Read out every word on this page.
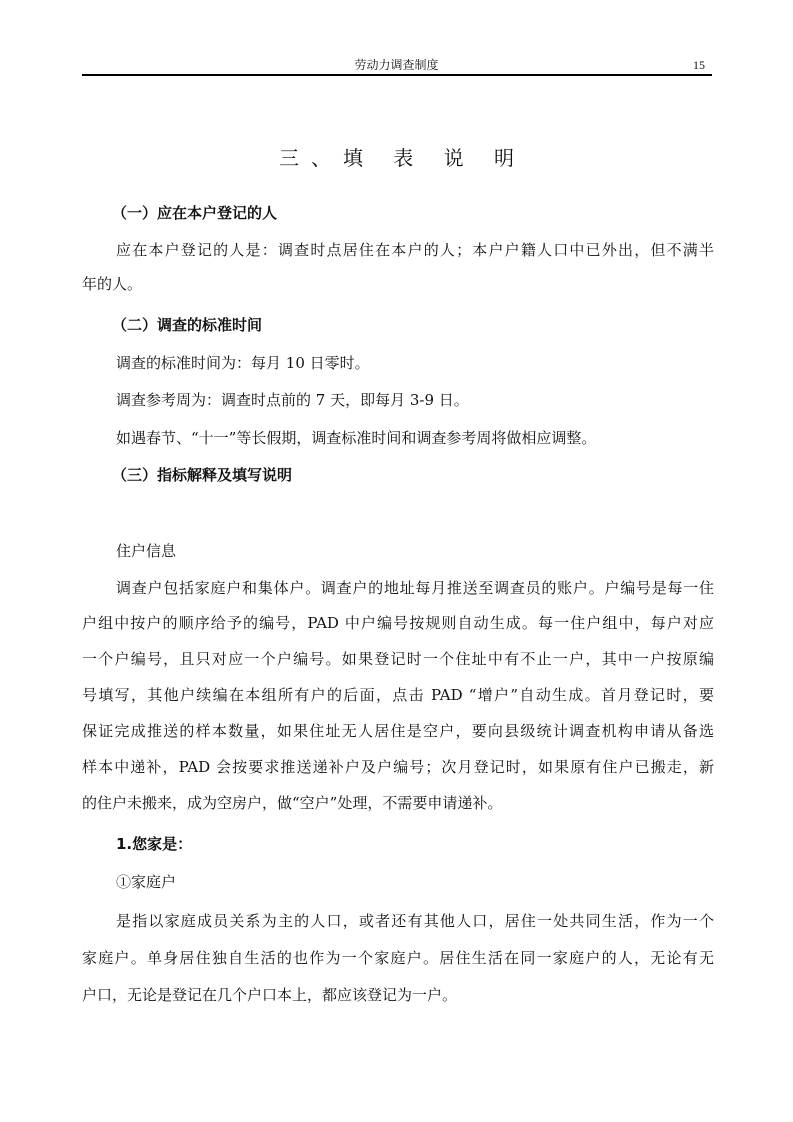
劳动力调查制度	15
三、填 表 说 明
（一）应在本户登记的人
应在本户登记的人是：调查时点居住在本户的人；本户户籍人口中已外出，但不满半
年的人。
（二）调查的标准时间
调查的标准时间为：每月 10 日零时。
调查参考周为：调查时点前的 7 天，即每月 3-9 日。
如遇春节、“十一”等长假期，调查标准时间和调查参考周将做相应调整。
（三）指标解释及填写说明
住户信息
调查户包括家庭户和集体户。调查户的地址每月推送至调查员的账户。户编号是每一住
户组中按户的顺序给予的编号，PAD 中户编号按规则自动生成。每一住户组中，每户对应
一个户编号，且只对应一个户编号。如果登记时一个住址中有不止一户，其中一户按原编
号填写，其他户续编在本组所有户的后面，点击 PAD “增户”自动生成。首月登记时，要
保证完成推送的样本数量，如果住址无人居住是空户，要向县级统计调查机构申请从备选
样本中递补，PAD 会按要求推送递补户及户编号；次月登记时，如果原有住户已搬走，新
的住户未搬来，成为空房户，做“空户”处理，不需要申请递补。
1.您家是：
①家庭户
是指以家庭成员关系为主的人口，或者还有其他人口，居住一处共同生活，作为一个
家庭户。单身居住独自生活的也作为一个家庭户。居住生活在同一家庭户的人，无论有无
户口，无论是登记在几个户口本上，都应该登记为一户。
